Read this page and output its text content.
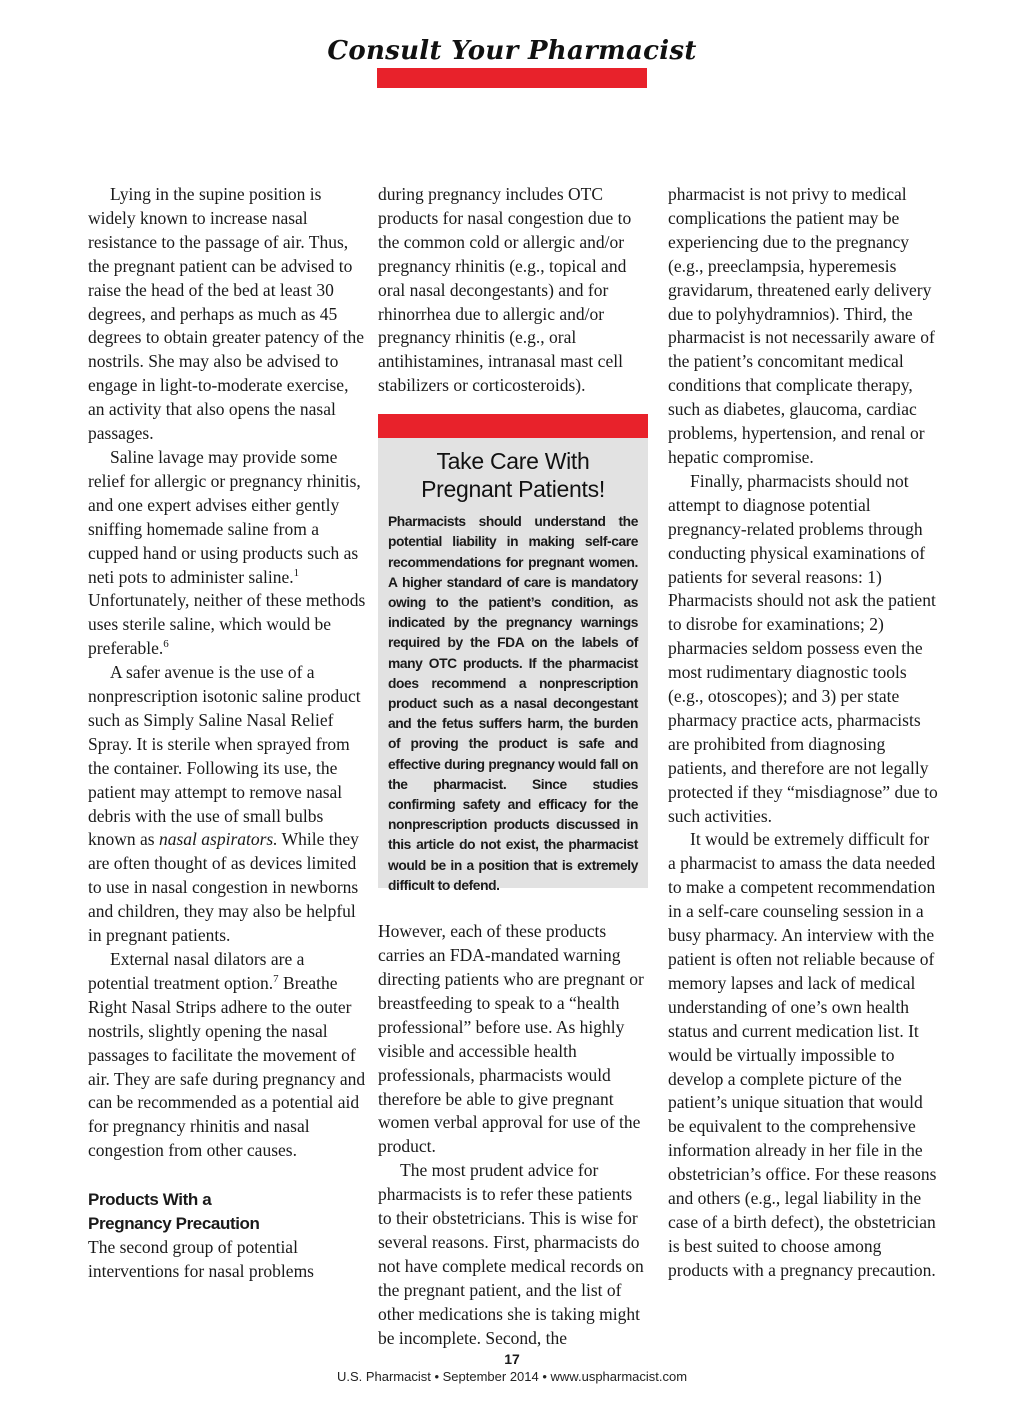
Consult Your Pharmacist

Lying in the supine position is widely known to increase nasal resistance to the passage of air. Thus, the pregnant patient can be advised to raise the head of the bed at least 30 degrees, and perhaps as much as 45 degrees to obtain greater patency of the nostrils. She may also be advised to engage in light-to-moderate exercise, an activity that also opens the nasal passages.

Saline lavage may provide some relief for allergic or pregnancy rhinitis, and one expert advises either gently sniffing homemade saline from a cupped hand or using products such as neti pots to administer saline.$^1$ Unfortunately, neither of these methods uses sterile saline, which would be preferable.$^6$

A safer avenue is the use of a nonprescription isotonic saline product such as Simply Saline Nasal Relief Spray. It is sterile when sprayed from the container. Following its use, the patient may attempt to remove nasal debris with the use of small bulbs known as nasal aspirators. While they are often thought of as devices limited to use in nasal congestion in newborns and children, they may also be helpful in pregnant patients.

External nasal dilators are a potential treatment option.$^7$ Breathe Right Nasal Strips adhere to the outer nostrils, slightly opening the nasal passages to facilitate the movement of air. They are safe during pregnancy and can be recommended as a potential aid for pregnancy rhinitis and nasal congestion from other causes.

Products With a
Pregnancy Precaution

The second group of potential interventions for nasal problems

during pregnancy includes OTC products for nasal congestion due to the common cold or allergic and/or pregnancy rhinitis (e.g., topical and oral nasal decongestants) and for rhinorrhea due to allergic and/or pregnancy rhinitis (e.g., oral antihistamines, intranasal mast cell stabilizers or corticosteroids).

Take Care With
Pregnant Patients!
Pharmacists should understand the potential liability in making self-care recommendations for pregnant women. A higher standard of care is mandatory owing to the patient’s condition, as indicated by the pregnancy warnings required by the FDA on the labels of many OTC products. If the pharmacist does recommend a nonprescription product such as a nasal decongestant and the fetus suffers harm, the burden of proving the product is safe and effective during pregnancy would fall on the pharmacist. Since studies confirming safety and efficacy for the nonprescription products discussed in this article do not exist, the pharmacist would be in a position that is extremely difficult to defend.

However, each of these products carries an FDA-mandated warning directing patients who are pregnant or breastfeeding to speak to a “health professional” before use. As highly visible and accessible health professionals, pharmacists would therefore be able to give pregnant women verbal approval for use of the product.

The most prudent advice for pharmacists is to refer these patients to their obstetricians. This is wise for several reasons. First, pharmacists do not have complete medical records on the pregnant patient, and the list of other medications she is taking might be incomplete. Second, the

pharmacist is not privy to medical complications the patient may be experiencing due to the pregnancy (e.g., preeclampsia, hyperemesis gravidarum, threatened early delivery due to polyhydramnios). Third, the pharmacist is not necessarily aware of the patient’s concomitant medical conditions that complicate therapy, such as diabetes, glaucoma, cardiac problems, hypertension, and renal or hepatic compromise.

Finally, pharmacists should not attempt to diagnose potential pregnancy-related problems through conducting physical examinations of patients for several reasons: 1) Pharmacists should not ask the patient to disrobe for examinations; 2) pharmacies seldom possess even the most rudimentary diagnostic tools (e.g., otoscopes); and 3) per state pharmacy practice acts, pharmacists are prohibited from diagnosing patients, and therefore are not legally protected if they “misdiagnose” due to such activities.

It would be extremely difficult for a pharmacist to amass the data needed to make a competent recommendation in a self-care counseling session in a busy pharmacy. An interview with the patient is often not reliable because of memory lapses and lack of medical understanding of one’s own health status and current medication list. It would be virtually impossible to develop a complete picture of the patient’s unique situation that would be equivalent to the comprehensive information already in her file in the obstetrician’s office. For these reasons and others (e.g., legal liability in the case of a birth defect), the obstetrician is best suited to choose among products with a pregnancy precaution.

17
U.S. Pharmacist • September 2014 • www.uspharmacist.com
